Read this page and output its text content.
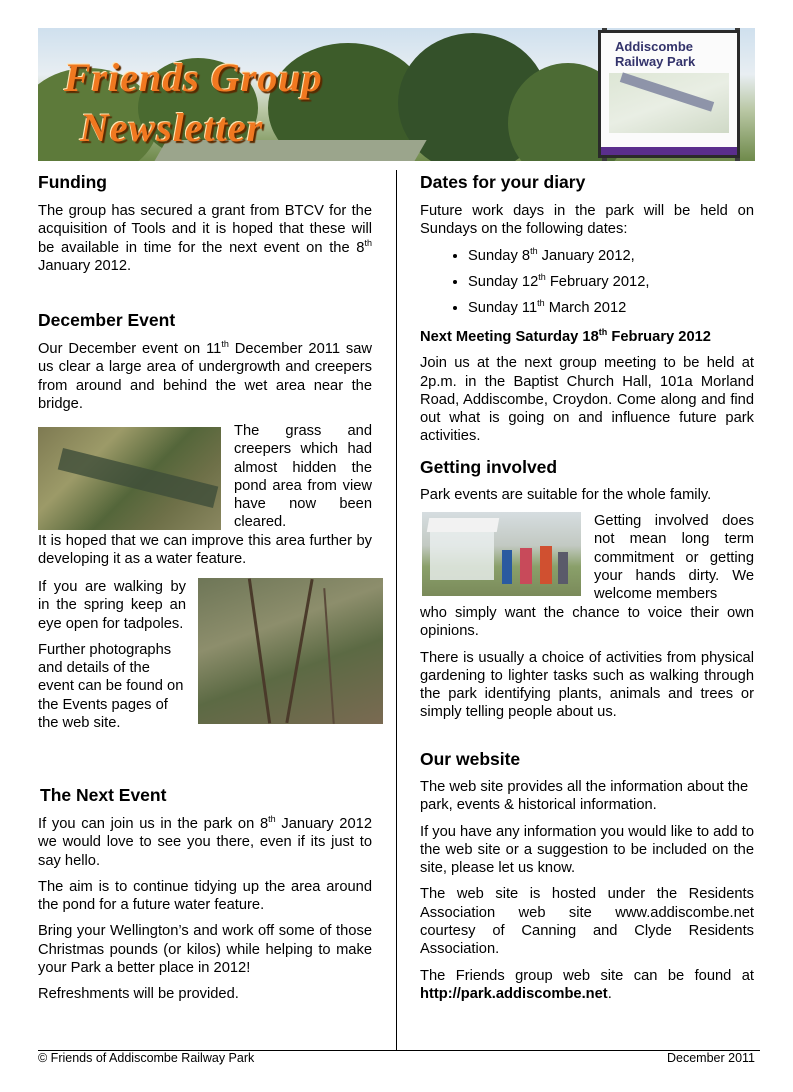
Friends Group
Newsletter
Addiscombe
Railway Park
Funding

The group has secured a grant from BTCV for the acquisition of Tools and it is hoped that these will be available in time for the next event on the 8th January 2012.

December Event

Our December event on 11th December 2011 saw us clear a large area of undergrowth and creepers from around and behind the wet area near the bridge.

The grass and creepers which had almost hidden the pond area from view have now been cleared.

It is hoped that we can improve this area further by developing it as a water feature.

If you are walking by in the spring keep an eye open for tadpoles.

Further photographs and details of the event can be found on the Events pages of the web site.

The Next Event

If you can join us in the park on 8th January 2012 we would love to see you there, even if its just to say hello.

The aim is to continue tidying up the area around the pond for a future water feature.

Bring your Wellington’s and work off some of those Christmas pounds (or kilos) while helping to make your Park a better place in 2012!

Refreshments will be provided.

Dates for your diary

Future work days in the park will be held on Sundays on the following dates:

• Sunday 8th January 2012,
• Sunday 12th February 2012,
• Sunday 11th March 2012

Next Meeting Saturday 18th February 2012

Join us at the next group meeting to be held at 2p.m. in the Baptist Church Hall, 101a Morland Road, Addiscombe, Croydon. Come along and find out what is going on and influence future park activities.

Getting involved

Park events are suitable for the whole family.

Getting involved does not mean long term commitment or getting your hands dirty. We welcome members

who simply want the chance to voice their own opinions.

There is usually a choice of activities from physical gardening to lighter tasks such as walking through the park identifying plants, animals and trees or simply telling people about us.

Our website

The web site provides all the information about the park, events & historical information.

If you have any information you would like to add to the web site or a suggestion to be included on the site, please let us know.

The web site is hosted under the Residents Association web site www.addiscombe.net courtesy of Canning and Clyde Residents Association.

The Friends group web site can be found at http://park.addiscombe.net.

© Friends of Addiscombe Railway Park	December 2011
